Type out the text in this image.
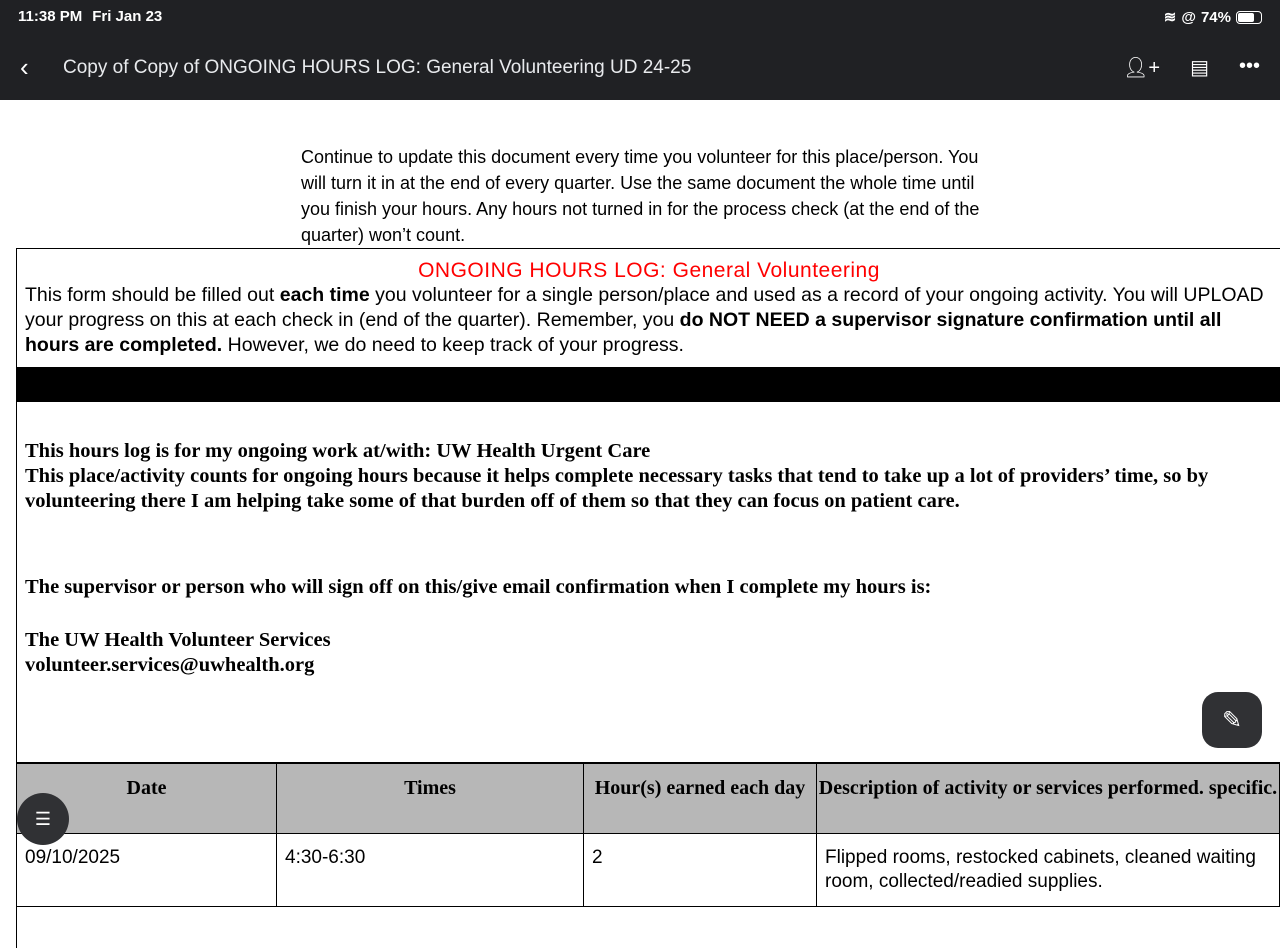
11:38 PM Fri Jan 23	≋ @ 74%
‹ Copy of Copy of ONGOING HOURS LOG: General Volunteering UD 24-25	👤︎+ ▤ •••
Continue to update this document every time you volunteer for this place/person. You will turn it in at the end of every quarter. Use the same document the whole time until you finish your hours. Any hours not turned in for the process check (at the end of the quarter) won’t count.
ONGOING HOURS LOG: General Volunteering
This form should be filled out each time you volunteer for a single person/place and used as a record of your ongoing activity. You will UPLOAD your progress on this at each check in (end of the quarter). Remember, you do NOT NEED a supervisor signature confirmation until all hours are completed. However, we do need to keep track of your progress.
This hours log is for my ongoing work at/with: UW Health Urgent Care
This place/activity counts for ongoing hours because it helps complete necessary tasks that tend to take up a lot of providers’ time, so by volunteering there I am helping take some of that burden off of them so that they can focus on patient care.
The supervisor or person who will sign off on this/give email confirmation when I complete my hours is:
The UW Health Volunteer Services
volunteer.services@uwhealth.org
Date	Times	Hour(s) earned each day	Description of activity or services performed. specific.
09/10/2025	4:30-6:30	2	Flipped rooms, restocked cabinets, cleaned waiting room, collected/readied supplies.
☰
✎
